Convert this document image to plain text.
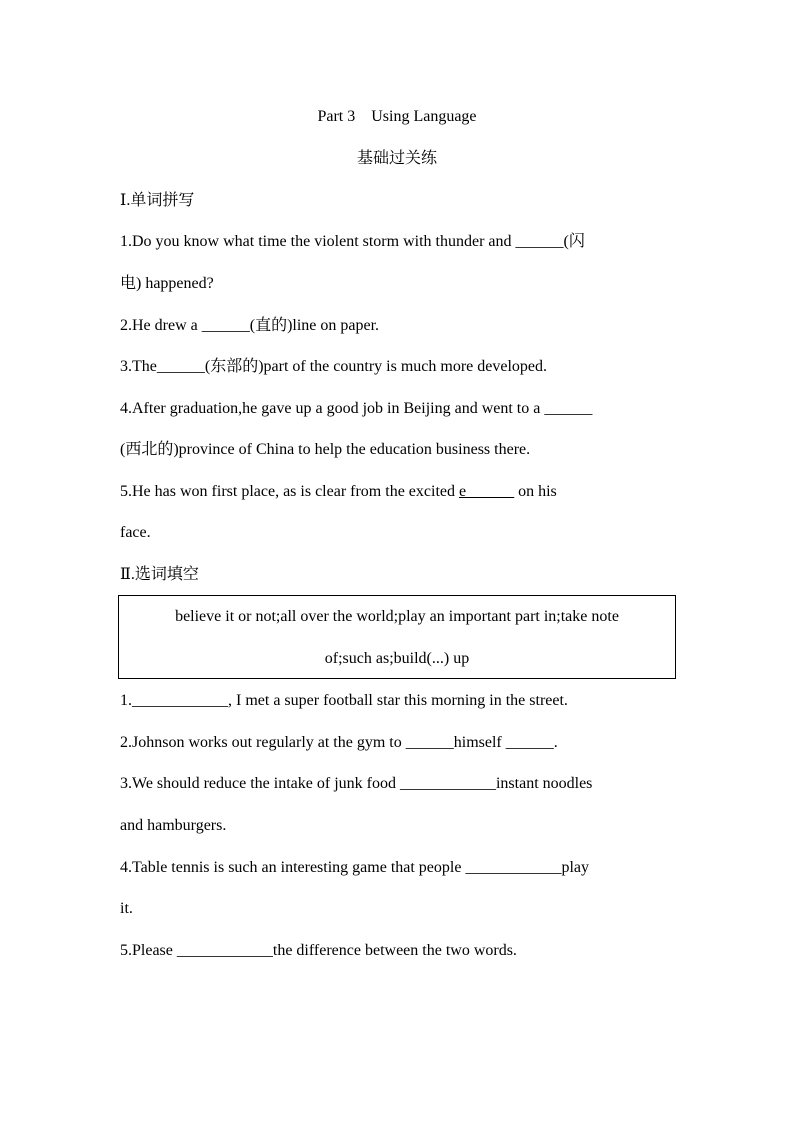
Part 3    Using Language
基础过关练
Ⅰ.单词拼写
1.Do you know what time the violent storm with thunder and ______(闪
电) happened?
2.He drew a ______(直的)line on paper.
3.The______(东部的)part of the country is much more developed.
4.After graduation,he gave up a good job in Beijing and went to a ______
(西北的)province of China to help the education business there.
5.He has won first place, as is clear from the excited e______ on his
face.
Ⅱ.选词填空
believe it or not;all over the world;play an important part in;take note
of;such as;build(...) up
1.____________, I met a super football star this morning in the street.
2.Johnson works out regularly at the gym to ______himself ______.
3.We should reduce the intake of junk food ____________instant noodles
and hamburgers.
4.Table tennis is such an interesting game that people ____________play
it.
5.Please ____________the difference between the two words.
